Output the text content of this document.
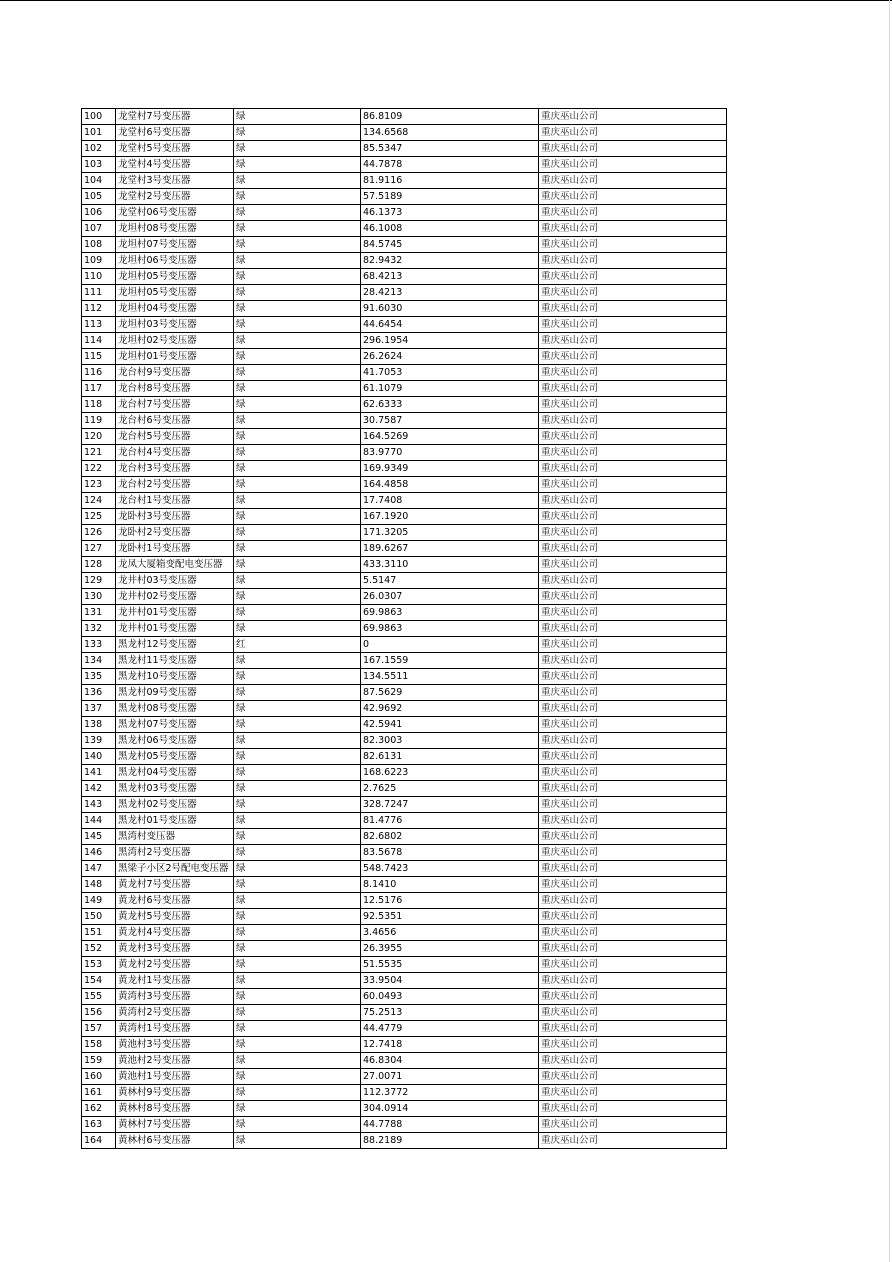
100	龙堂村7号变压器	绿	86.8109	重庆巫山公司
101	龙堂村6号变压器	绿	134.6568	重庆巫山公司
102	龙堂村5号变压器	绿	85.5347	重庆巫山公司
103	龙堂村4号变压器	绿	44.7878	重庆巫山公司
104	龙堂村3号变压器	绿	81.9116	重庆巫山公司
105	龙堂村2号变压器	绿	57.5189	重庆巫山公司
106	龙堂村06号变压器	绿	46.1373	重庆巫山公司
107	龙坦村08号变压器	绿	46.1008	重庆巫山公司
108	龙坦村07号变压器	绿	84.5745	重庆巫山公司
109	龙坦村06号变压器	绿	82.9432	重庆巫山公司
110	龙坦村05号变压器	绿	68.4213	重庆巫山公司
111	龙坦村05号变压器	绿	28.4213	重庆巫山公司
112	龙坦村04号变压器	绿	91.6030	重庆巫山公司
113	龙坦村03号变压器	绿	44.6454	重庆巫山公司
114	龙坦村02号变压器	绿	296.1954	重庆巫山公司
115	龙坦村01号变压器	绿	26.2624	重庆巫山公司
116	龙台村9号变压器	绿	41.7053	重庆巫山公司
117	龙台村8号变压器	绿	61.1079	重庆巫山公司
118	龙台村7号变压器	绿	62.6333	重庆巫山公司
119	龙台村6号变压器	绿	30.7587	重庆巫山公司
120	龙台村5号变压器	绿	164.5269	重庆巫山公司
121	龙台村4号变压器	绿	83.9770	重庆巫山公司
122	龙台村3号变压器	绿	169.9349	重庆巫山公司
123	龙台村2号变压器	绿	164.4858	重庆巫山公司
124	龙台村1号变压器	绿	17.7408	重庆巫山公司
125	龙卧村3号变压器	绿	167.1920	重庆巫山公司
126	龙卧村2号变压器	绿	171.3205	重庆巫山公司
127	龙卧村1号变压器	绿	189.6267	重庆巫山公司
128	龙凤大厦箱变配电变压器	绿	433.3110	重庆巫山公司
129	龙井村03号变压器	绿	5.5147	重庆巫山公司
130	龙井村02号变压器	绿	26.0307	重庆巫山公司
131	龙井村01号变压器	绿	69.9863	重庆巫山公司
132	龙井村01号变压器	绿	69.9863	重庆巫山公司
133	黑龙村12号变压器	红	0	重庆巫山公司
134	黑龙村11号变压器	绿	167.1559	重庆巫山公司
135	黑龙村10号变压器	绿	134.5511	重庆巫山公司
136	黑龙村09号变压器	绿	87.5629	重庆巫山公司
137	黑龙村08号变压器	绿	42.9692	重庆巫山公司
138	黑龙村07号变压器	绿	42.5941	重庆巫山公司
139	黑龙村06号变压器	绿	82.3003	重庆巫山公司
140	黑龙村05号变压器	绿	82.6131	重庆巫山公司
141	黑龙村04号变压器	绿	168.6223	重庆巫山公司
142	黑龙村03号变压器	绿	2.7625	重庆巫山公司
143	黑龙村02号变压器	绿	328.7247	重庆巫山公司
144	黑龙村01号变压器	绿	81.4776	重庆巫山公司
145	黑湾村变压器	绿	82.6802	重庆巫山公司
146	黑湾村2号变压器	绿	83.5678	重庆巫山公司
147	黑梁子小区2号配电变压器	绿	548.7423	重庆巫山公司
148	黄龙村7号变压器	绿	8.1410	重庆巫山公司
149	黄龙村6号变压器	绿	12.5176	重庆巫山公司
150	黄龙村5号变压器	绿	92.5351	重庆巫山公司
151	黄龙村4号变压器	绿	3.4656	重庆巫山公司
152	黄龙村3号变压器	绿	26.3955	重庆巫山公司
153	黄龙村2号变压器	绿	51.5535	重庆巫山公司
154	黄龙村1号变压器	绿	33.9504	重庆巫山公司
155	黄湾村3号变压器	绿	60.0493	重庆巫山公司
156	黄湾村2号变压器	绿	75.2513	重庆巫山公司
157	黄湾村1号变压器	绿	44.4779	重庆巫山公司
158	黄池村3号变压器	绿	12.7418	重庆巫山公司
159	黄池村2号变压器	绿	46.8304	重庆巫山公司
160	黄池村1号变压器	绿	27.0071	重庆巫山公司
161	黄林村9号变压器	绿	112.3772	重庆巫山公司
162	黄林村8号变压器	绿	304.0914	重庆巫山公司
163	黄林村7号变压器	绿	44.7788	重庆巫山公司
164	黄林村6号变压器	绿	88.2189	重庆巫山公司
